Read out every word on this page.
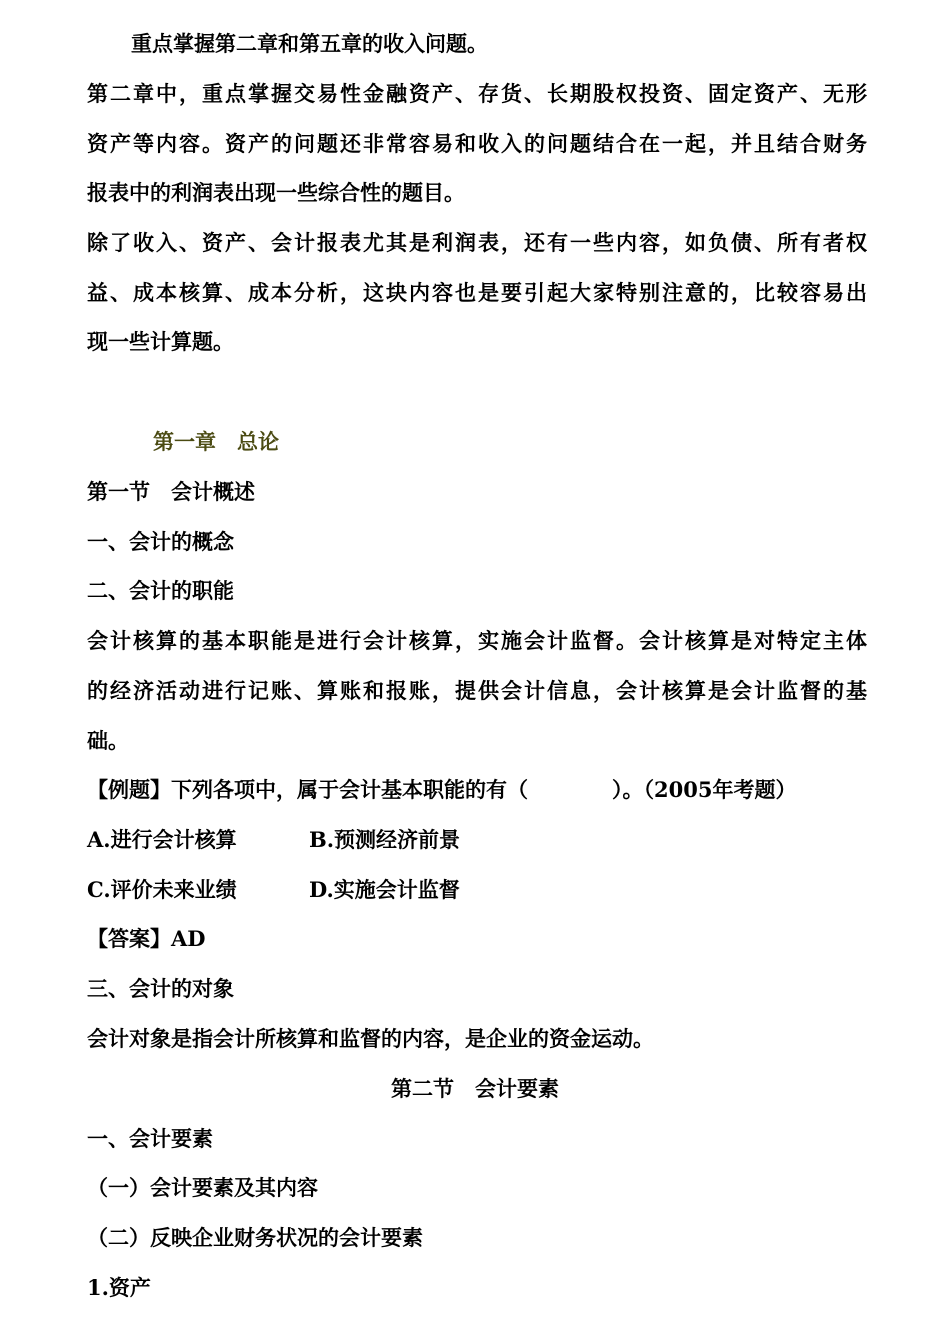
重点掌握第二章和第五章的收入问题。
第二章中，重点掌握交易性金融资产、存货、长期股权投资、固定资产、无形
资产等内容。资产的问题还非常容易和收入的问题结合在一起，并且结合财务
报表中的利润表出现一些综合性的题目。
除了收入、资产、会计报表尤其是利润表，还有一些内容，如负债、所有者权
益、成本核算、成本分析，这块内容也是要引起大家特别注意的，比较容易出
现一些计算题。
第一章　总论
第一节　会计概述
一、会计的概念
二、会计的职能
会计核算的基本职能是进行会计核算，实施会计监督。会计核算是对特定主体
的经济活动进行记账、算账和报账，提供会计信息，会计核算是会计监督的基
础。
【例题】下列各项中，属于会计基本职能的有（　　　　）。（2005年考题）
A.进行会计核算	B.预测经济前景
C.评价未来业绩	D.实施会计监督
【答案】AD
三、会计的对象
会计对象是指会计所核算和监督的内容，是企业的资金运动。
第二节　会计要素
一、会计要素
（一）会计要素及其内容
（二）反映企业财务状况的会计要素
1.资产
